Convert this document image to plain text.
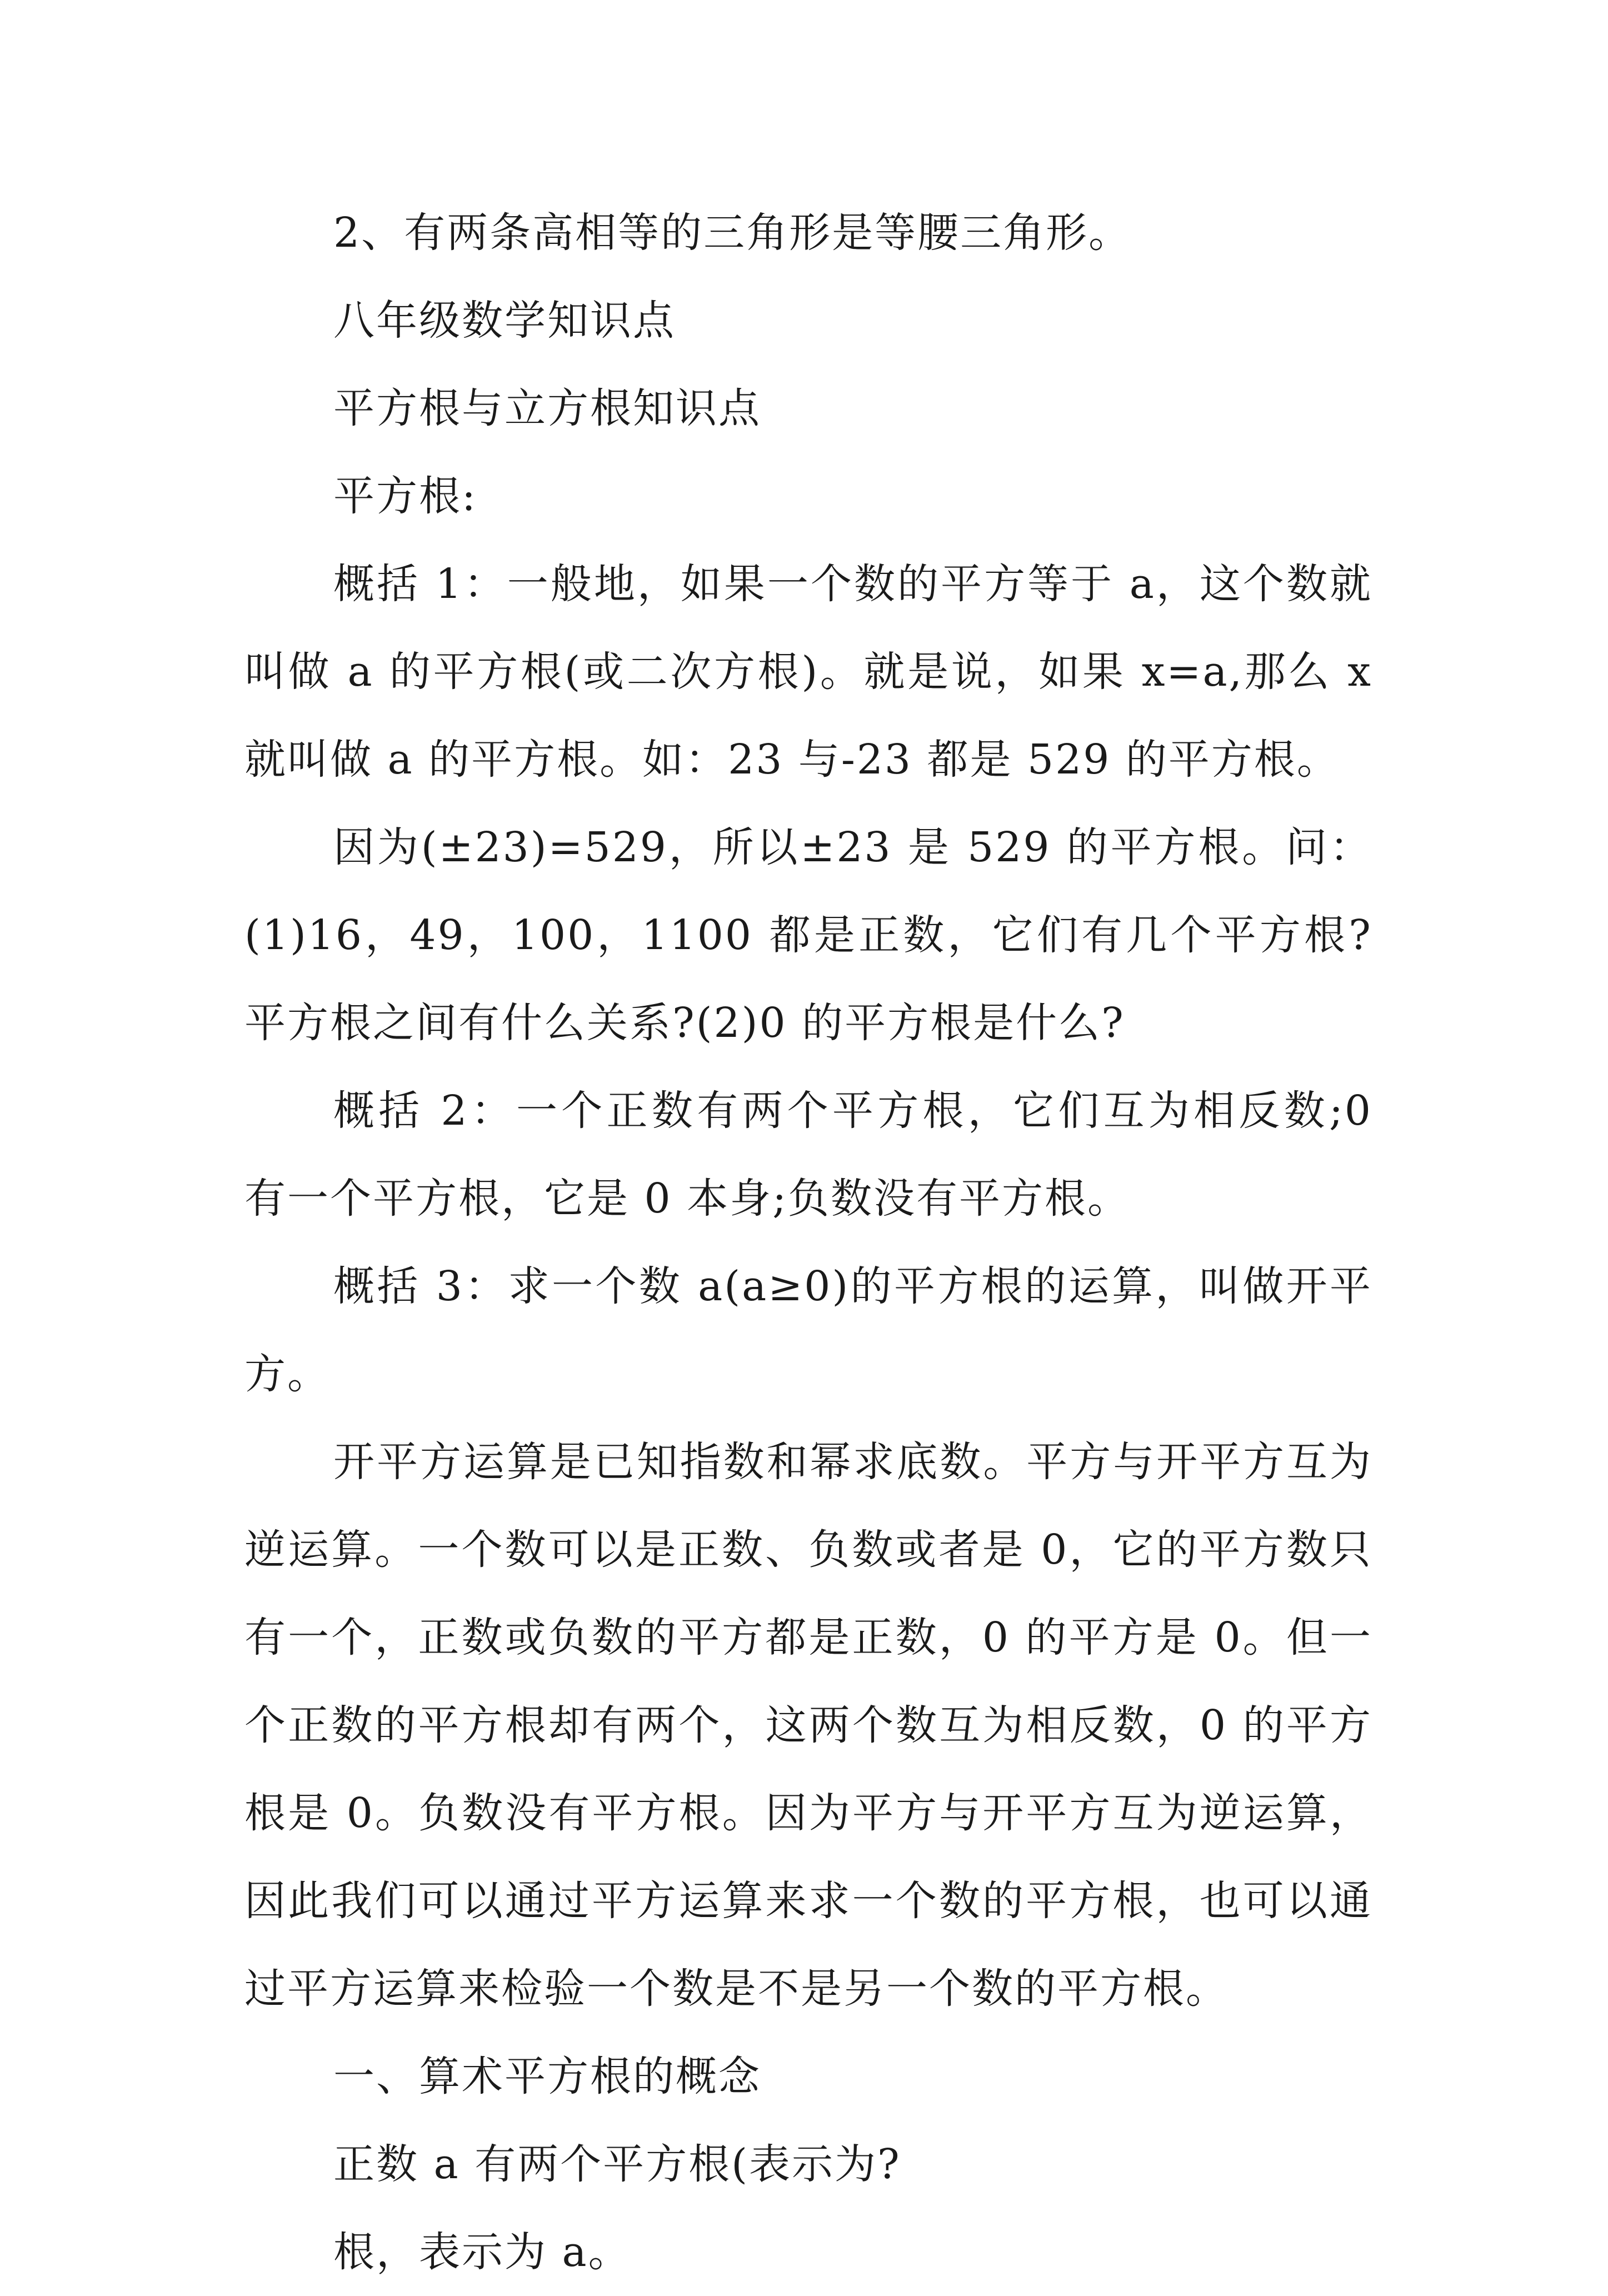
2、有两条高相等的三角形是等腰三角形。

八年级数学知识点

平方根与立方根知识点

平方根:

概括 1：一般地，如果一个数的平方等于 a，这个数就叫做 a 的平方根(或二次方根)。就是说，如果 x=a,那么 x 就叫做 a 的平方根。如：23 与-23 都是 529 的平方根。

因为(±23)=529，所以±23 是 529 的平方根。问：(1)16，49，100，1100 都是正数，它们有几个平方根?平方根之间有什么关系?(2)0 的平方根是什么?

概括 2：一个正数有两个平方根，它们互为相反数;0 有一个平方根，它是 0 本身;负数没有平方根。

概括 3：求一个数 a(a≥0)的平方根的运算，叫做开平方。

开平方运算是已知指数和幂求底数。平方与开平方互为逆运算。一个数可以是正数、负数或者是 0，它的平方数只有一个，正数或负数的平方都是正数，0 的平方是 0。但一个正数的平方根却有两个，这两个数互为相反数，0 的平方根是 0。负数没有平方根。因为平方与开平方互为逆运算，因此我们可以通过平方运算来求一个数的平方根，也可以通过平方运算来检验一个数是不是另一个数的平方根。

一、算术平方根的概念

正数 a 有两个平方根(表示为?

根，表示为 a。
